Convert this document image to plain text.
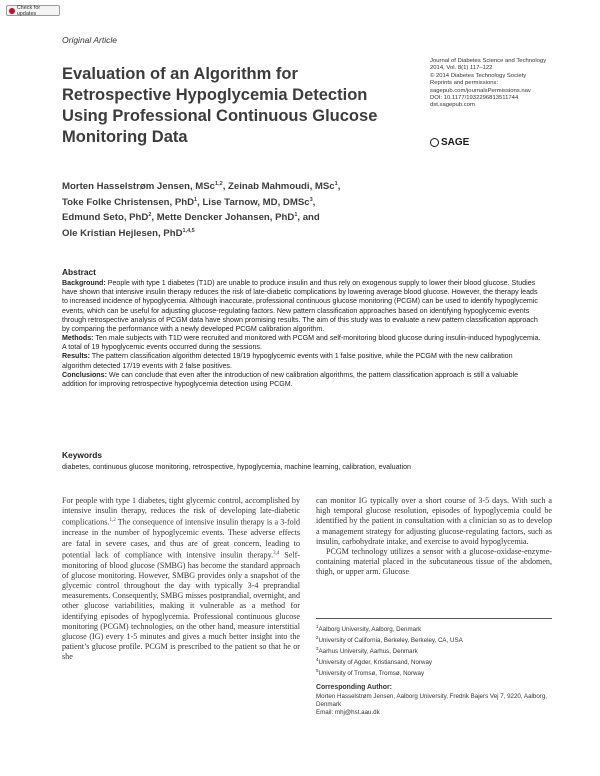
Check for updates
Original Article
Evaluation of an Algorithm for Retrospective Hypoglycemia Detection Using Professional Continuous Glucose Monitoring Data
Journal of Diabetes Science and Technology
2014, Vol. 8(1) 117–122
© 2014 Diabetes Technology Society
Reprints and permissions:
sagepub.com/journalsPermissions.nav
DOI: 10.1177/1932296813511744
dst.sagepub.com
SAGE
Morten Hasselstrøm Jensen, MSc$^{1,2}$, Zeinab Mahmoudi, MSc$^1$,
Toke Folke Christensen, PhD$^1$, Lise Tarnow, MD, DMSc$^3$,
Edmund Seto, PhD$^2$, Mette Dencker Johansen, PhD$^1$, and
Ole Kristian Hejlesen, PhD$^{1,4,5}$
Abstract

Background: People with type 1 diabetes (T1D) are unable to produce insulin and thus rely on exogenous supply to lower their blood glucose. Studies have shown that intensive insulin therapy reduces the risk of late-diabetic complications by lowering average blood glucose. However, the therapy leads to increased incidence of hypoglycemia. Although inaccurate, professional continuous glucose monitoring (PCGM) can be used to identify hypoglycemic events, which can be useful for adjusting glucose-regulating factors. New pattern classification approaches based on identifying hypoglycemic events through retrospective analysis of PCGM data have shown promising results. The aim of this study was to evaluate a new pattern classification approach by comparing the performance with a newly developed PCGM calibration algorithm.

Methods: Ten male subjects with T1D were recruited and monitored with PCGM and self-monitoring blood glucose during insulin-induced hypoglycemia. A total of 19 hypoglycemic events occurred during the sessions.

Results: The pattern classification algorithm detected 19/19 hypoglycemic events with 1 false positive, while the PCGM with the new calibration algorithm detected 17/19 events with 2 false positives.

Conclusions: We can conclude that even after the introduction of new calibration algorithms, the pattern classification approach is still a valuable addition for improving retrospective hypoglycemia detection using PCGM.

Keywords
diabetes, continuous glucose monitoring, retrospective, hypoglycemia, machine learning, calibration, evaluation

For people with type 1 diabetes, tight glycemic control, accomplished by intensive insulin therapy, reduces the risk of developing late-diabetic complications.$^{1,2}$ The consequence of intensive insulin therapy is a 3-fold increase in the number of hypoglycemic events. These adverse effects are fatal in severe cases, and thus are of great concern, leading to potential lack of compliance with intensive insulin therapy.$^{3,4}$ Self-monitoring of blood glucose (SMBG) has become the standard approach of glucose monitoring. However, SMBG provides only a snapshot of the glycemic control throughout the day with typically 3-4 preprandial measurements. Consequently, SMBG misses postprandial, overnight, and other glucose variabilities, making it vulnerable as a method for identifying episodes of hypoglycemia. Professional continuous glucose monitoring (PCGM) technologies, on the other hand, measure interstitial glucose (IG) every 1-5 minutes and gives a much better insight into the patient’s glucose profile. PCGM is prescribed to the patient so that he or she

can monitor IG typically over a short course of 3-5 days. With such a high temporal glucose resolution, episodes of hypoglycemia could be identified by the patient in consultation with a clinician so as to develop a management strategy for adjusting glucose-regulating factors, such as insulin, carbohydrate intake, and exercise to avoid hypoglycemia.

PCGM technology utilizes a sensor with a glucose-oxidase-enzyme-containing material placed in the subcutaneous tissue of the abdomen, thigh, or upper arm. Glucose

$^1$Aalborg University, Aalborg, Denmark
$^2$University of California, Berkeley, Berkeley, CA, USA
$^3$Aarhus University, Aarhus, Denmark
$^4$University of Agder, Kristiansand, Norway
$^5$University of Tromsø, Tromsø, Norway
Corresponding Author:
Morten Hasselstrøm Jensen, Aalborg University, Fredrik Bajers Vej 7, 9220, Aalborg, Denmark
Email: mhj@hst.aau.dk
